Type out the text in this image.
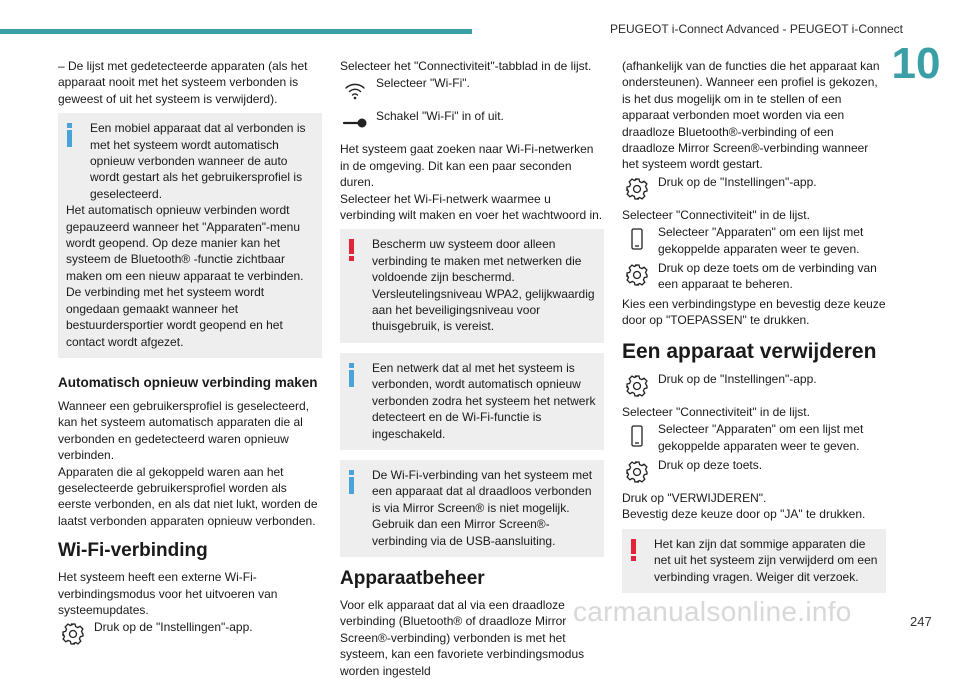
PEUGEOT i-Connect Advanced - PEUGEOT i-Connect
10

– De lijst met gedetecteerde apparaten (als het apparaat nooit met het systeem verbonden is geweest of uit het systeem is verwijderd).

Een mobiel apparaat dat al verbonden is met het systeem wordt automatisch opnieuw verbonden wanneer de auto wordt gestart als het gebruikersprofiel is geselecteerd.

Het automatisch opnieuw verbinden wordt gepauzeerd wanneer het "Apparaten"-menu wordt geopend. Op deze manier kan het systeem de Bluetooth® -functie zichtbaar maken om een nieuw apparaat te verbinden.

De verbinding met het systeem wordt ongedaan gemaakt wanneer het bestuurdersportier wordt geopend en het contact wordt afgezet.

Automatisch opnieuw verbinding maken

Wanneer een gebruikersprofiel is geselecteerd, kan het systeem automatisch apparaten die al verbonden en gedetecteerd waren opnieuw verbinden.

Apparaten die al gekoppeld waren aan het geselecteerde gebruikersprofiel worden als eerste verbonden, en als dat niet lukt, worden de laatst verbonden apparaten opnieuw verbonden.

Wi-Fi-verbinding

Het systeem heeft een externe Wi-Fi-verbindingsmodus voor het uitvoeren van systeemupdates.

Druk op de "Instellingen"-app.

Selecteer het "Connectiviteit"-tabblad in de lijst.

Selecteer "Wi-Fi".
Schakel "Wi-Fi" in of uit.

Het systeem gaat zoeken naar Wi-Fi-netwerken in de omgeving. Dit kan een paar seconden duren.

Selecteer het Wi-Fi-netwerk waarmee u verbinding wilt maken en voer het wachtwoord in.

Bescherm uw systeem door alleen verbinding te maken met netwerken die voldoende zijn beschermd. Versleutelingsniveau WPA2, gelijkwaardig aan het beveiligingsniveau voor thuisgebruik, is vereist.

Een netwerk dat al met het systeem is verbonden, wordt automatisch opnieuw verbonden zodra het systeem het netwerk detecteert en de Wi-Fi-functie is ingeschakeld.

De Wi-Fi-verbinding van het systeem met een apparaat dat al draadloos verbonden is via Mirror Screen® is niet mogelijk. Gebruik dan een Mirror Screen®-verbinding via de USB-aansluiting.

Apparaatbeheer

Voor elk apparaat dat al via een draadloze verbinding (Bluetooth® of draadloze Mirror Screen®-verbinding) verbonden is met het systeem, kan een favoriete verbindingsmodus worden ingesteld

(afhankelijk van de functies die het apparaat kan ondersteunen). Wanneer een profiel is gekozen, is het dus mogelijk om in te stellen of een apparaat verbonden moet worden via een draadloze Bluetooth®-verbinding of een draadloze Mirror Screen®-verbinding wanneer het systeem wordt gestart.

Druk op de "Instellingen"-app.

Selecteer "Connectiviteit" in de lijst.

Selecteer "Apparaten" om een lijst met gekoppelde apparaten weer te geven.
Druk op deze toets om de verbinding van een apparaat te beheren.

Kies een verbindingstype en bevestig deze keuze door op "TOEPASSEN" te drukken.

Een apparaat verwijderen
Druk op de "Instellingen"-app.

Selecteer "Connectiviteit" in de lijst.

Selecteer "Apparaten" om een lijst met gekoppelde apparaten weer te geven.
Druk op deze toets.

Druk op "VERWIJDEREN".

Bevestig deze keuze door op "JA" te drukken.

Het kan zijn dat sommige apparaten die net uit het systeem zijn verwijderd om een verbinding vragen. Weiger dit verzoek.

carmanualsonline.info	247
